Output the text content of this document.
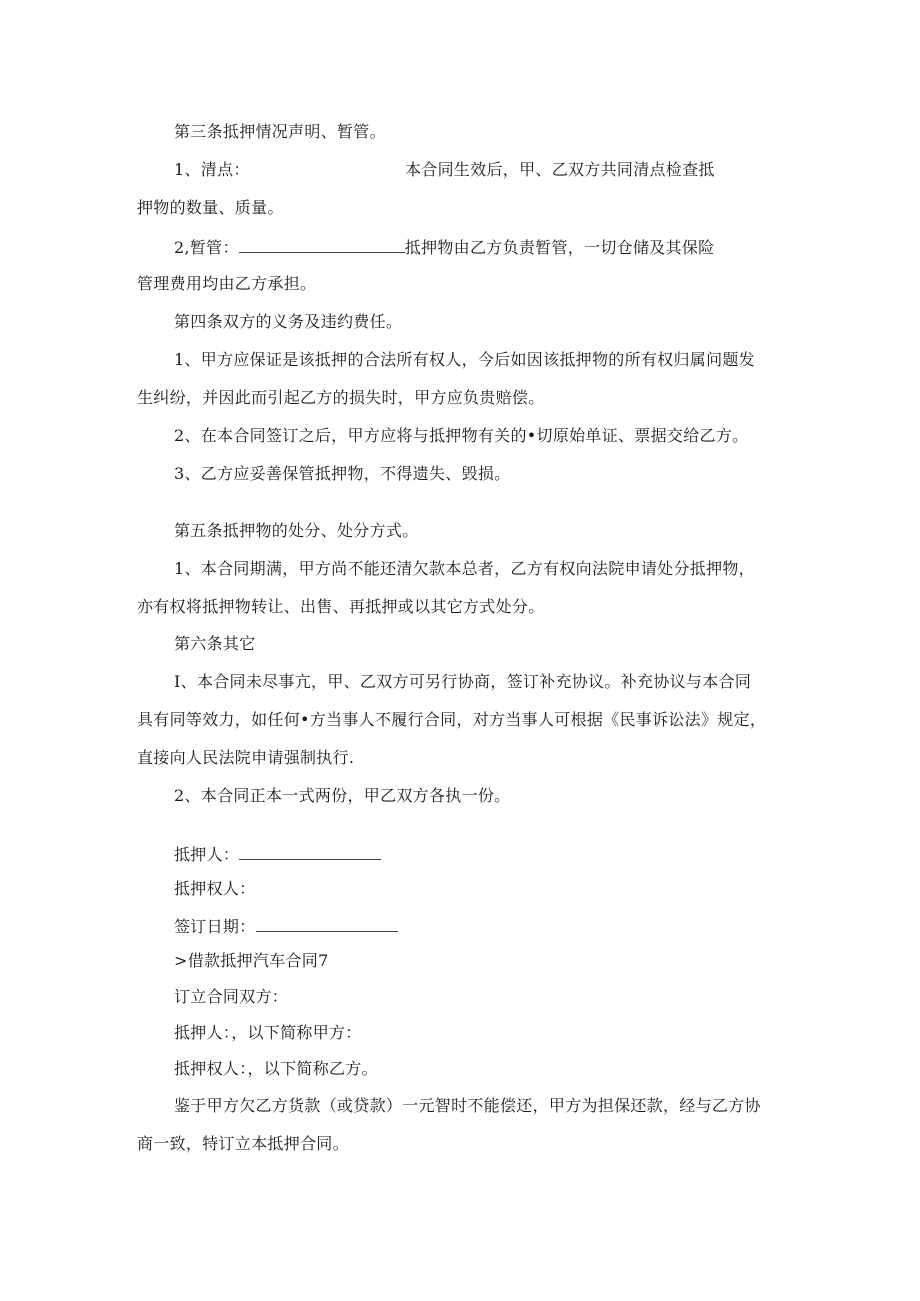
第三条抵押情况声明、暂管。
1、清点：	本合同生效后，甲、乙双方共同清点检查抵
押物的数量、质量。
2,暂管：	抵押物由乙方负责暂管，一切仓储及其保险
管理费用均由乙方承担。
第四条双方的义务及违约费任。
1、甲方应保证是该抵押的合法所有权人，今后如因该抵押物的所有权归属问题发
生纠纷，并因此而引起乙方的损失时，甲方应负贵赔偿。
2、在本合同签订之后，甲方应将与抵押物有关的•切原始单证、票据交给乙方。
3、乙方应妥善保管抵押物，不得遗失、毁损。
第五条抵押物的处分、处分方式。
1、本合同期满，甲方尚不能还清欠款本总者，乙方有权向法院申请处分抵押物，
亦有权将抵押物转让、出售、再抵押或以其它方式处分。
第六条其它
I、本合同未尽事亢，甲、乙双方可另行协商，签订补充协议。补充协议与本合同
具有同等效力，如任何•方当事人不履行合同，对方当事人可根据《民事诉讼法》规定，
直接向人民法院申请强制执行.
2、本合同正本一式两份，甲乙双方各执一份。
抵押人：
抵押权人：
签订日期：
>借款抵押汽车合同7
订立合同双方：
抵押人：，以下简称甲方：
抵押权人：，以下简称乙方。
鉴于甲方欠乙方货款（或贷款）一元智时不能偿还，甲方为担保还款，经与乙方协
商一致，特订立本抵押合同。
